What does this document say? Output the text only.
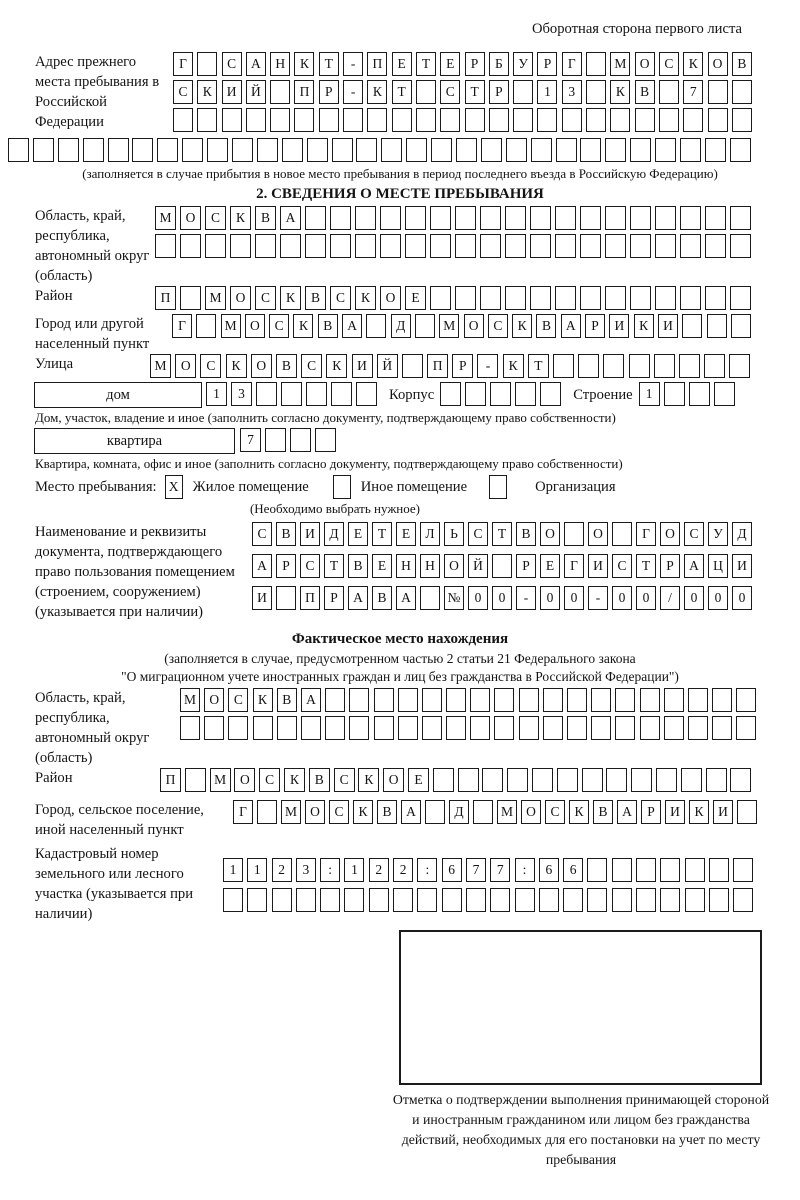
Оборотная сторона первого листа
Адрес прежнего места пребывания в Российской Федерации
Г	С	А	Н	К	Т	-	П	Е	Т	Е	Р	Б	У	Р	Г	М О	С	К	О	В
С	К	И	Й	П	Р	-	К	Т	С	Т	Р	1	3	К	В	7
(заполняется в случае прибытия в новое место пребывания в период последнего въезда в Российскую Федерацию)
2. СВЕДЕНИЯ О МЕСТЕ ПРЕБЫВАНИЯ
Область, край, республика, автономный округ (область)
М	О	С	К	В	А
Район	П	М	О	С	К	В	С	К	О	Е
Город или другой населенный пункт
Г	М О	С	К	В	А	Д	М О	С	К	В	А	Р	И	К	И
Улица	М	О	С	К	О	В	С	К	И	Й	П	Р	-	К	Т
дом	1	3	Корпус	Строение 1
Дом, участок, владение и иное (заполнить согласно документу, подтверждающему право собственности)
квартира	7
Квартира, комната, офис и иное (заполнить согласно документу, подтверждающему право собственности)
Место пребывания: X Жилое помещение	Иное помещение	Организация
(Необходимо выбрать нужное)
Наименование и реквизиты документа, подтверждающего право пользования помещением (строением, сооружением) (указывается при наличии)
С	В	И	Д	Е	Т	Е	Л	Ь	С	Т	В	О	О	Г	О	С	У	Д
А	Р	С	Т	В	Е	Н	Н	О	Й	Р	Е	Г	И	С	Т	Р	А	Ц	И
И	П	Р	А	В	А	№	0	0	-	0	0	-	0	0	/	0	0	0
Фактическое место нахождения
(заполняется в случае, предусмотренном частью 2 статьи 21 Федерального закона
"О миграционном учете иностранных граждан и лиц без гражданства в Российской Федерации")
Область, край, республика, автономный округ (область)
М О	С	К	В	А
Район	П	М	О	С	К	В	С	К	О	Е
Город, сельское поселение, иной населенный пункт
Г	М О	С	К	В	А	Д	М О	С	К	В	А	Р	И	К	И
Кадастровый номер земельного или лесного участка (указывается при наличии)
1	1	2	3	:	1	2	2	:	6	7	7	:	6	6
Отметка о подтверждении выполнения принимающей стороной и иностранным гражданином или лицом без гражданства действий, необходимых для его постановки на учет по месту пребывания
